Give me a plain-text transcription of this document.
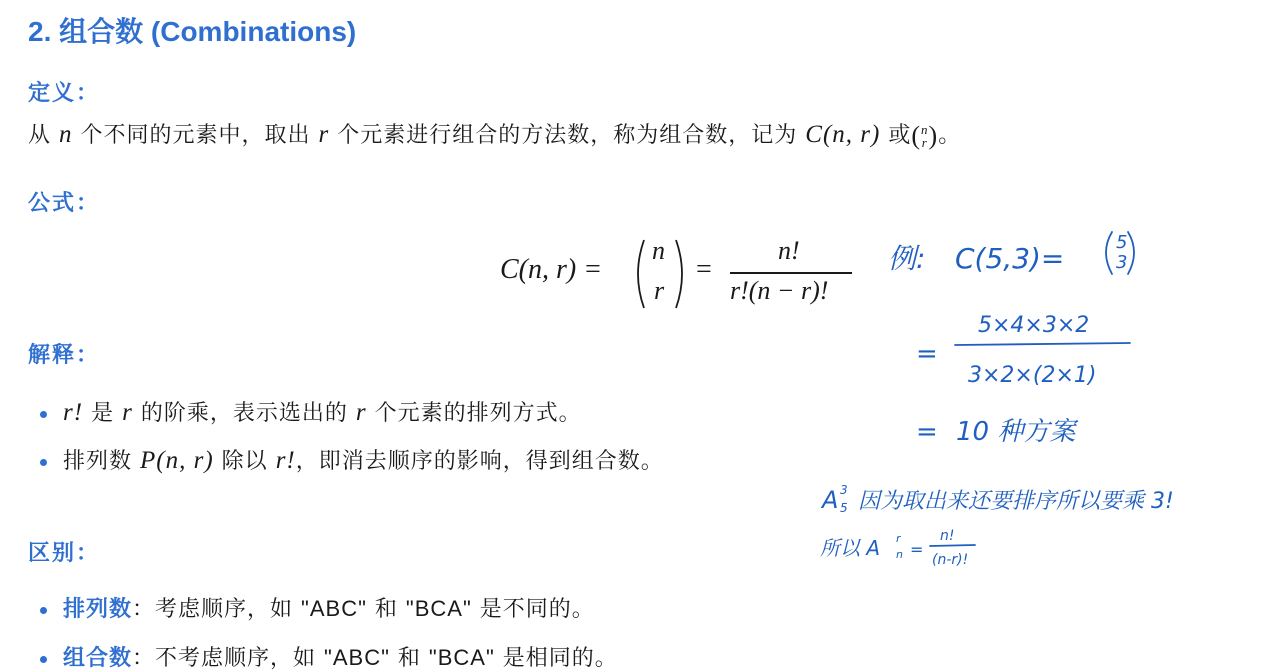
2. 组合数 (Combinations)
定义：
从 n 个不同的元素中，取出 r 个元素进行组合的方法数，称为组合数，记为 C(n, r) 或(n
r)。
公式：
C(n, r) =
n
r
=
n!
r!(n − r)!
解释：
r! 是 r 的阶乘，表示选出的 r 个元素的排列方式。
排列数 P(n, r) 除以 r!，即消去顺序的影响，得到组合数。
区别：
排列数：考虑顺序，如 "ABC" 和 "BCA" 是不同的。
组合数：不考虑顺序，如 "ABC" 和 "BCA" 是相同的。
例: C(5,3)=	5
3
=
5×4×3×2
3×2×(2×1)
= 10 种方案
A 3
5 因为取出来还要排序所以要乘 3!
所以 A r
n =
n!
(n-r)!
